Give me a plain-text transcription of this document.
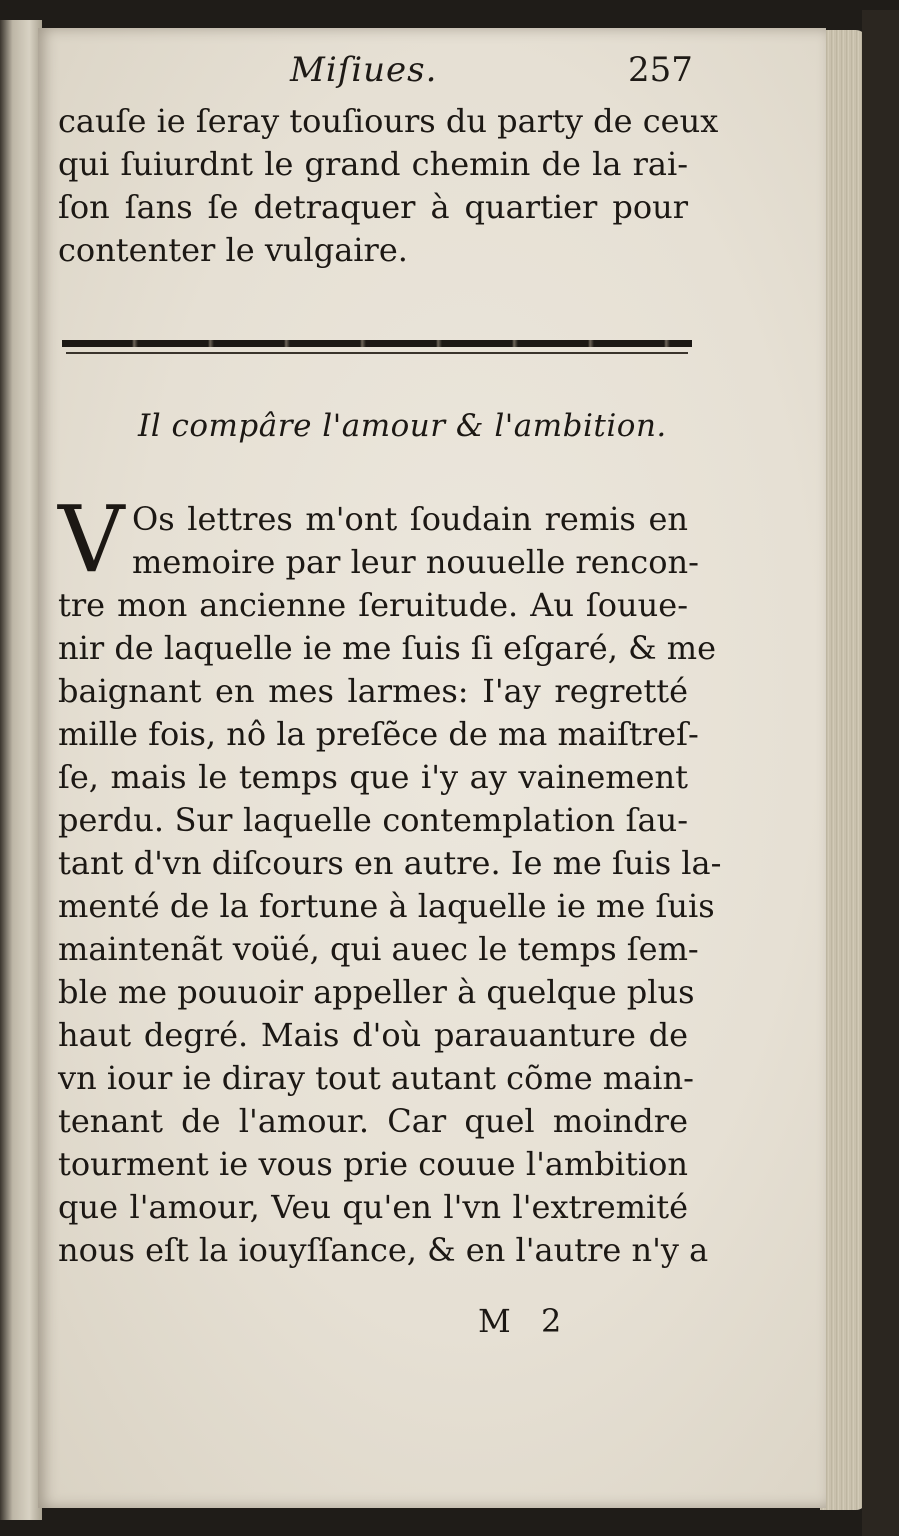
Miſiues.	257
cauſe ie ſeray touſiours du party de ceux
qui ſuiurdnt le grand chemin de la rai-
ſon ſans ſe detraquer à quartier pour
contenter le vulgaire.
Il compâre l'amour & l'ambition.
V Os lettres m'ont ſoudain remis en
memoire par leur nouuelle rencon-
tre mon ancienne ſeruitude. Au ſouue-
nir de laquelle ie me ſuis ſi eſgaré, & me
baignant en mes larmes: I'ay regretté
mille fois, nô la preſẽce de ma maiſtreſ-
ſe, mais le temps que i'y ay vainement
perdu. Sur laquelle contemplation ſau-
tant d'vn diſcours en autre. Ie me ſuis la-
menté de la fortune à laquelle ie me ſuis
maintenãt voüé, qui auec le temps ſem-
ble me pouuoir appeller à quelque plus
haut degré. Mais d'où parauanture de
vn iour ie diray tout autant cõme main-
tenant de l'amour. Car quel moindre
tourment ie vous prie couue l'ambition
que l'amour, Veu qu'en l'vn l'extremité
nous eſt la iouyſſance, & en l'autre n'y a
M 2
